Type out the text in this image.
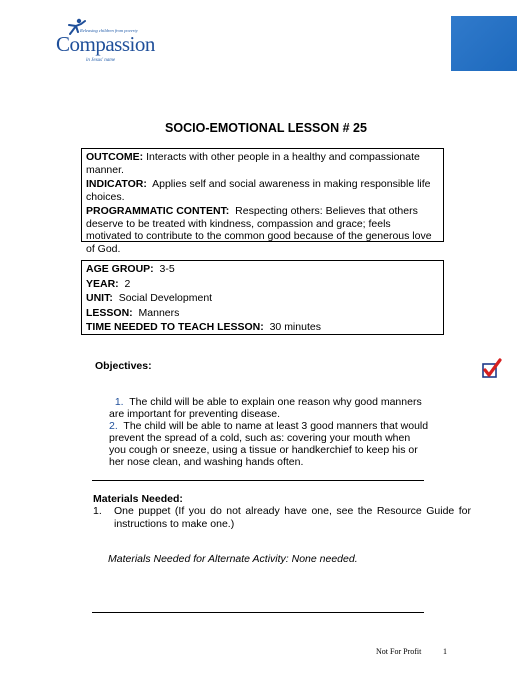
Releasing children from poverty
Compassion
in Jesus' name
SOCIO-EMOTIONAL LESSON # 25

OUTCOME: Interacts with other people in a healthy and compassionate manner.

INDICATOR: Applies self and social awareness in making responsible life choices.

PROGRAMMATIC CONTENT: Respecting others: Believes that others deserve to be treated with kindness, compassion and grace; feels motivated to contribute to the common good because of the generous love of God.

AGE GROUP: 3-5

YEAR: 2

UNIT: Social Development

LESSON: Manners

TIME NEEDED TO TEACH LESSON: 30 minutes

Objectives:

1. The child will be able to explain one reason why good manners are important for preventing disease.

2. The child will be able to name at least 3 good manners that would prevent the spread of a cold, such as: covering your mouth when you cough or sneeze, using a tissue or handkerchief to keep his or her nose clean, and washing hands often.

Materials Needed:
1. One puppet (If you do not already have one, see the Resource Guide for instructions to make one.)
Materials Needed for Alternate Activity: None needed.
Not For Profit	1
